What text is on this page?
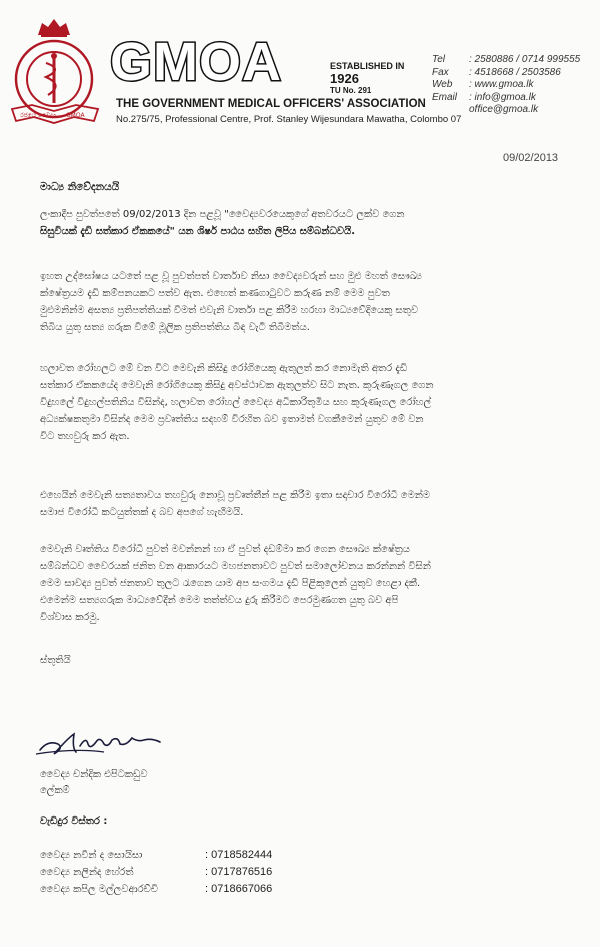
රජයේ වෛද්‍ය GMOA
GMOA	ESTABLISHED IN
1926
TU No. 291
THE GOVERNMENT MEDICAL OFFICERS' ASSOCIATION
No.275/75, Professional Centre, Prof. Stanley Wijesundara Mawatha, Colombo 07
Tel	: 2580886 / 0714 999555
Fax	: 4518668 / 2503586
Web	: www.gmoa.lk
Email	: info@gmoa.lk
office@gmoa.lk
09/02/2013
මාධ්‍ය නිවේදනයයි
ලංකාදීප පුවත්පතේ 09/02/2013 දින පළවූ "වෛද්‍යවරයෙකුගේ අතවරයට ලක්ව ගෙන
සිසුවියක් දැඩි සත්කාර ඒකකයේ" යන ශිර්ෂ පාඨය සහිත ලිපිය සම්බන්ධවයි.
ඉහත උද්ඝෝෂය යටතේ පළ වූ පුවත්පත් වාර්තාව නිසා වෛද්‍යවරුන් සහ මුළු මහත් සෞඛ්‍ය
ක්ෂේත්‍රයම දැඩි කම්පනයකට පත්ව ඇත. එහෙත් කණගාටුවට කරුණ නම් මෙම පුවත
මුළුමනින්ම අසත්‍ය ප්‍රතිපත්තියක් වීමත් එවැනි වාර්තා පළ කිරීම හරහා මාධ්‍යවේදියෙකු සතුව
තිබිය යුතු සත්‍ය ගරුක වීමේ මූලික ප්‍රතිපත්තිය බිඳ වැටී තිබීමත්ය.
හලාවත රෝහලට මේ වන විට මෙවැනි කිසිදු රෝගියෙකු ඇතුලත් කර නොමැති අතර දැඩි
සත්කාර ඒකකයේද මෙවැනි රෝගියෙකු කිසිදු අවස්ථාවක ඇතුලත්ව සිට නැත. කුරුණෑගල ගෙන
විදුහලේ විදුහල්පතිනිය විසින්ද, හලාවත රෝහල් වෛද්‍ය අධිකාරිතුමිය සහ කුරුණෑගල රෝහල්
අධ්‍යක්ෂකතුමා විසින්ද මෙම ප්‍රවෘත්තිය සදහම් විරහිත බව ඉතාමත් වගකීමෙන් යුතුව මේ වන
විට තහවුරු කර ඇත.
එහෙයින් මෙවැනි සත්‍යතාවය තහවුරු නොවූ ප්‍රවෘත්තීන් පළ කිරීම ඉතා සදාචාර විරෝධී මෙන්ම
සමාජ විරෝධී කටයුත්තක් ද බව අපගේ හැඟීමයි.
මෙවැනි වෘත්තිය විරෝධී පුවත් මවන්නන් හා ඒ පුවත් දඩම්මා කර ගෙන සෞඛ්‍ය ක්ෂේත්‍රය
සම්බන්ධව වෛරයක් ජනිත වන ආකාරයට මහජනතාවට පුවත් සමාලෝචනය කරන්නන් විසින්
මෙම සාවද්‍ය පුවත් ජනතාව තුලට රැගෙන යාම අප සංගමය දැඩි පිළිකුලෙන් යුතුව හෙළා දකී.
එමෙන්ම සත්‍යගරුක මාධ්‍යවේදීන් මෙම තත්ත්වය දුරු කිරීමට පෙරමුණගත යුතු බව අපි
විශ්වාස කරමු.
ස්තුතියි
වෛද්‍ය චන්දික එපිටකඩුව
ලේකම්
වැඩිදුර විස්තර :
වෛද්‍ය නවීන් ද සොයිසා	: 0718582444
වෛද්‍ය නලින්ද හේරත්	: 0717876516
වෛද්‍ය කපිල මල්ලවආරච්චි	: 0718667066
